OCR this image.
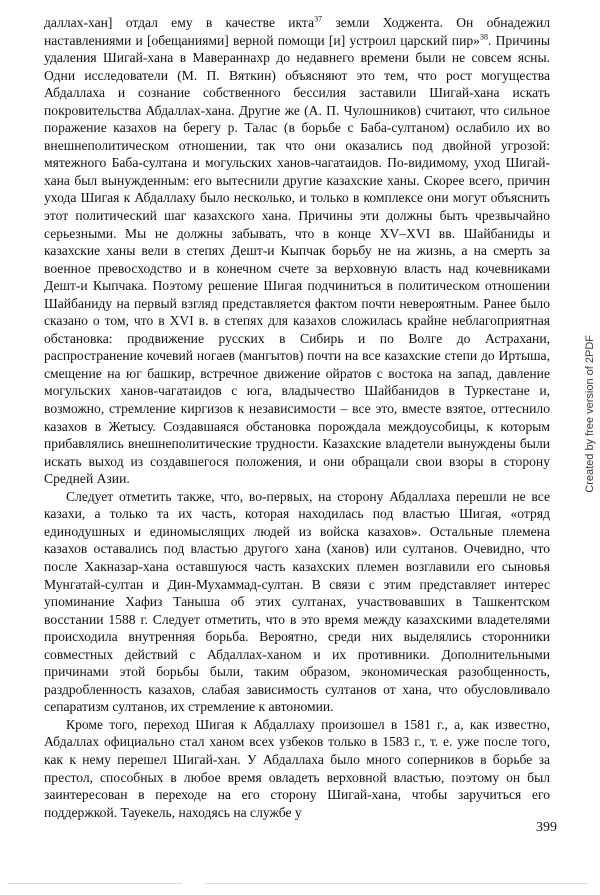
даллах-хан] отдал ему в качестве икта$^{37}$ земли Ходжента. Он обнадежил наставлениями и [обещаниями] верной помощи [и] устроил царский пир»$^{38}$. Причины удаления Шигай-хана в Мавераннахр до недавнего времени были не совсем ясны. Одни исследователи (М. П. Вяткин) объясняют это тем, что рост могущества Абдаллаха и сознание собственного бессилия заставили Шигай-хана искать покровительства Абдаллах-хана. Другие же (А. П. Чулошников) считают, что сильное поражение казахов на берегу р. Талас (в борьбе с Баба-султаном) ослабило их во внешнеполитическом отношении, так что они оказались под двойной угрозой: мятежного Баба-султана и могульских ханов-чагатаидов. По-видимому, уход Шигай-хана был вынужденным: его вытеснили другие казахские ханы. Скорее всего, причин ухода Шигая к Абдаллаху было несколько, и только в комплексе они могут объяснить этот политический шаг казахского хана. Причины эти должны быть чрезвычайно серьезными. Мы не должны забывать, что в конце XV–XVI вв. Шайбаниды и казахские ханы вели в степях Дешт-и Кыпчак борьбу не на жизнь, а на смерть за военное превосходство и в конечном счете за верховную власть над кочевниками Дешт-и Кыпчака. Поэтому решение Шигая подчиниться в политическом отношении Шайбаниду на первый взгляд представляется фактом почти невероятным. Ранее было сказано о том, что в XVI в. в степях для казахов сложилась крайне неблагоприятная обстановка: продвижение русских в Сибирь и по Волге до Астрахани, распространение кочевий ногаев (мангытов) почти на все казахские степи до Иртыша, смещение на юг башкир, встречное движение ойратов с востока на запад, давление могульских ханов-чагатаидов с юга, владычество Шайбанидов в Туркестане и, возможно, стремление киргизов к независимости – все это, вместе взятое, оттеснило казахов в Жетысу. Создавшаяся обстановка порождала междоусобицы, к которым прибавлялись внешнеполитические трудности. Казахские владетели вынуждены были искать выход из создавшегося положения, и они обращали свои взоры в сторону Средней Азии.

Следует отметить также, что, во-первых, на сторону Абдаллаха перешли не все казахи, а только та их часть, которая находилась под властью Шигая, «отряд единодушных и единомыслящих людей из войска казахов». Остальные племена казахов оставались под властью другого хана (ханов) или султанов. Очевидно, что после Хакназар-хана оставшуюся часть казахских племен возглавили его сыновья Мунгатай-султан и Дин-Мухаммад-султан. В связи с этим представляет интерес упоминание Хафиз Таныша об этих султанах, участвовавших в Ташкентском восстании 1588 г. Следует отметить, что в это время между казахскими владетелями происходила внутренняя борьба. Вероятно, среди них выделялись сторонники совместных действий с Абдаллах-ханом и их противники. Дополнительными причинами этой борьбы были, таким образом, экономическая разобщенность, раздробленность казахов, слабая зависимость султанов от хана, что обусловливало сепаратизм султанов, их стремление к автономии.

Кроме того, переход Шигая к Абдаллаху произошел в 1581 г., а, как известно, Абдаллах официально стал ханом всех узбеков только в 1583 г., т. е. уже после того, как к нему перешел Шигай-хан. У Абдаллаха было много соперников в борьбе за престол, способных в любое время овладеть верховной властью, поэтому он был заинтересован в переходе на его сторону Шигай-хана, чтобы заручиться его поддержкой. Тауекель, находясь на службе у

Created by free version of 2PDF
399
